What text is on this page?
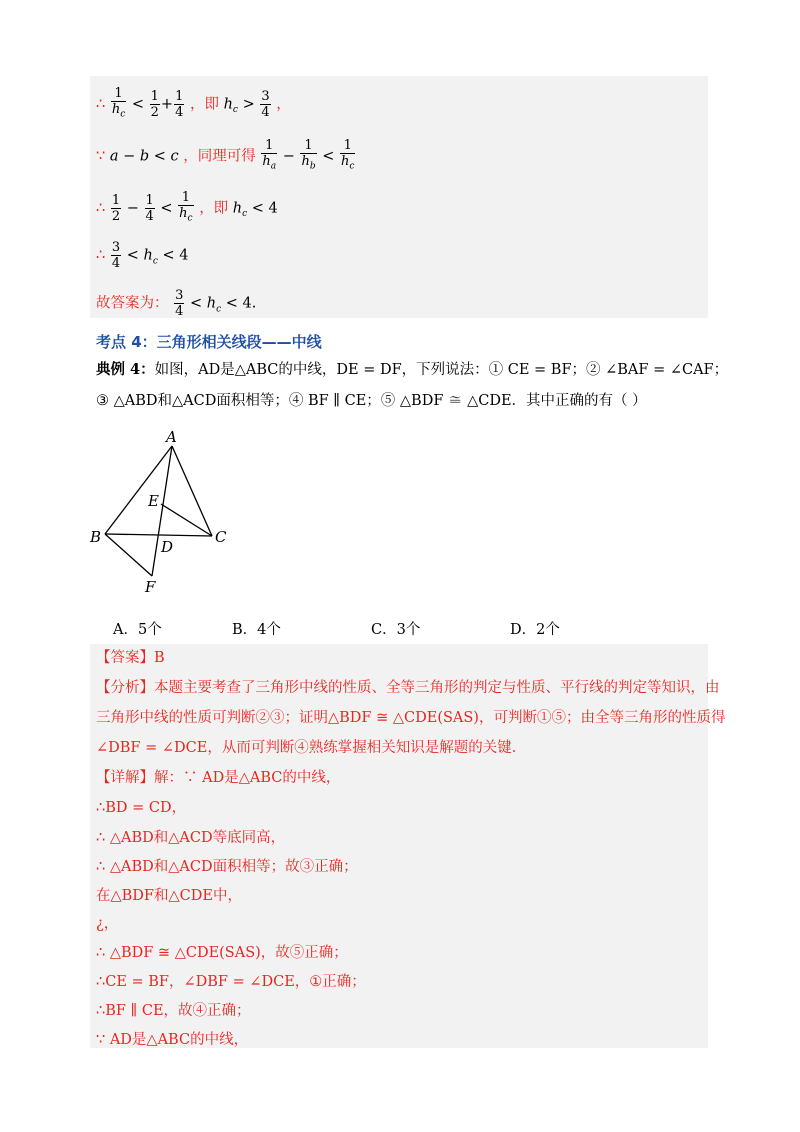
∴ $\frac{1}{h_c} < \frac{1}{2} + \frac{1}{4}$ ，即 $h_c > \frac{3}{4}$ ，
∵ a − b < c ，同理可得 $\frac{1}{h_a} - \frac{1}{h_b} < \frac{1}{h_c}$
∴ $\frac{1}{2} - \frac{1}{4} < \frac{1}{h_c}$ ，即 $h_c < 4$
∴ $\frac{3}{4} < h_c < 4$
故答案为： $\frac{3}{4} < h_c < 4$.
考点 4：三角形相关线段——中线
典例 4：如图，AD是△ABC的中线，DE = DF，下列说法：① CE = BF；② ∠BAF = ∠CAF；
③ △ABD和△ACD面积相等；④ BF ∥ CE；⑤ △BDF ≅ △CDE．其中正确的有（ ）
A
E
B
D
C
F
A．5个	B．4个	C．3个	D．2个
【答案】B
【分析】本题主要考查了三角形中线的性质、全等三角形的判定与性质、平行线的判定等知识，由
三角形中线的性质可判断②③；证明△BDF ≅ △CDE(SAS)，可判断①⑤；由全等三角形的性质得
∠DBF = ∠DCE，从而可判断④熟练掌握相关知识是解题的关键．
【详解】解：∵ AD是△ABC的中线，
∴BD = CD，
∴ △ABD和△ACD等底同高，
∴ △ABD和△ACD面积相等；故③正确；
在△BDF和△CDE中，
¿，
∴ △BDF ≅ △CDE(SAS)，故⑤正确；
∴CE = BF，∠DBF = ∠DCE，①正确；
∴BF ∥ CE，故④正确；
∵ AD是△ABC的中线，
